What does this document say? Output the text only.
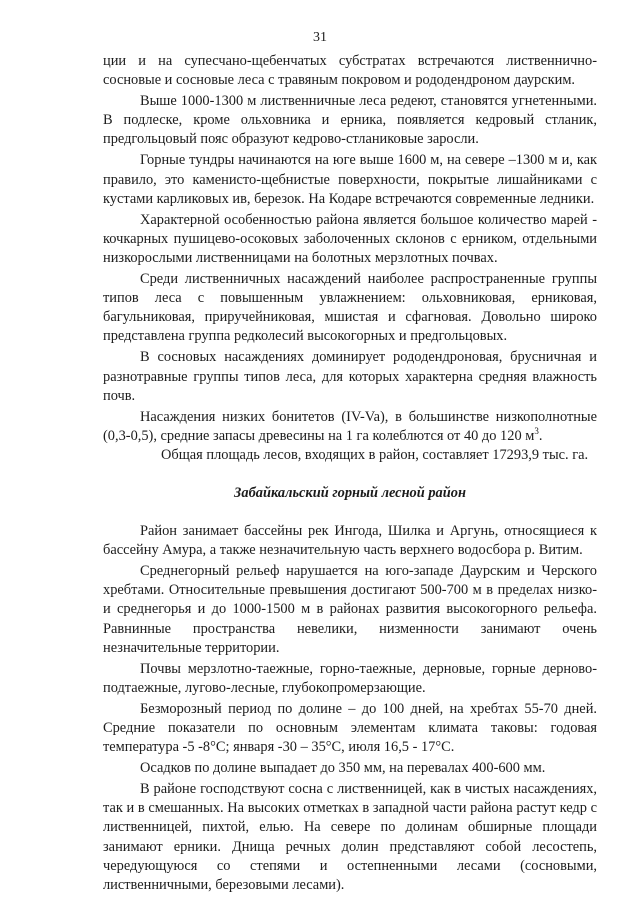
31

ции и на супесчано-щебенчатых субстратах встречаются лиственнично-сосновые и сосновые леса с травяным покровом и рододендроном даурским.

Выше 1000-1300 м лиственничные леса редеют, становятся угнетенными. В подлеске, кроме ольховника и ерника, появляется кедровый стланик, предгольцовый пояс образуют кедрово-стланиковые заросли.

Горные тундры начинаются на юге выше 1600 м, на севере –1300 м и, как правило, это каменисто-щебнистые поверхности, покрытые лишайниками с кустами карликовых ив, березок. На Кодаре встречаются современные ледники.

Характерной особенностью района является большое количество марей - кочкарных пушицево-осоковых заболоченных склонов с ерником, отдельными низкорослыми лиственницами на болотных мерзлотных почвах.

Среди лиственничных насаждений наиболее распространенные группы типов леса с повышенным увлажнением: ольховниковая, ерниковая, багульниковая, приручейниковая, мшистая и сфагновая. Довольно широко представлена группа редколесий высокогорных и предгольцовых.

В сосновых насаждениях доминирует рододендроновая, брусничная и разнотравные группы типов леса, для которых характерна средняя влажность почв.

Насаждения низких бонитетов (IV-Va), в большинстве низкополнотные (0,3-0,5), средние запасы древесины на 1 га колеблются от 40 до 120 $м^3$.

Общая площадь лесов, входящих в район, составляет 17293,9 тыс. га.

Забайкальский горный лесной район

Район занимает бассейны рек Ингода, Шилка и Аргунь, относящиеся к бассейну Амура, а также незначительную часть верхнего водосбора р. Витим.

Среднегорный рельеф нарушается на юго-западе Даурским и Черского хребтами. Относительные превышения достигают 500-700 м в пределах низко- и среднегорья и до 1000-1500 м в районах развития высокогорного рельефа. Равнинные пространства невелики, низменности занимают очень незначительные территории.

Почвы мерзлотно-таежные, горно-таежные, дерновые, горные дерново-подтаежные, лугово-лесные, глубокопромерзающие.

Безморозный период по долине – до 100 дней, на хребтах 55-70 дней. Средние показатели по основным элементам климата таковы: годовая температура -5 -8°С; января -30 – 35°С, июля 16,5 - 17°С.

Осадков по долине выпадает до 350 мм, на перевалах 400-600 мм.

В районе господствуют сосна с лиственницей, как в чистых насаждениях, так и в смешанных. На высоких отметках в западной части района растут кедр с лиственницей, пихтой, елью. На севере по долинам обширные площади занимают ерники. Днища речных долин представляют собой лесостепь, чередующуюся со степями и остепненными лесами (сосновыми, лиственничными, березовыми лесами).
